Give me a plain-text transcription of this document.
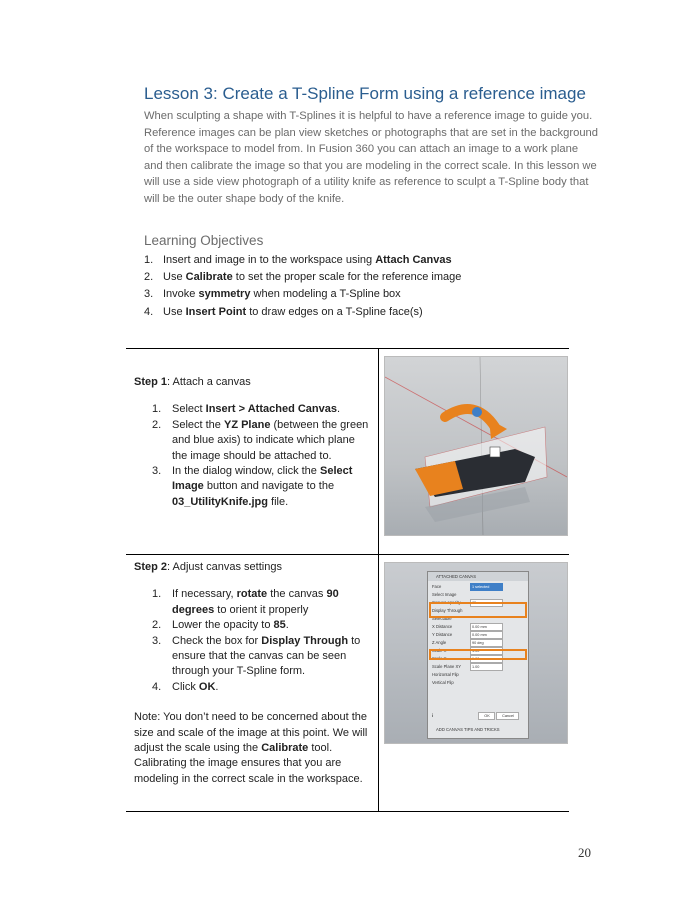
Lesson 3: Create a T-Spline Form using a reference image

When sculpting a shape with T-Splines it is helpful to have a reference image to guide you. Reference images can be plan view sketches or photographs that are set in the background of the workspace to model from. In Fusion 360 you can attach an image to a work plane and then calibrate the image so that you are modeling in the correct scale. In this lesson we will use a side view photograph of a utility knife as reference to sculpt a T-Spline body that will be the outer shape body of the knife.

Learning Objectives
1. Insert and image in to the workspace using Attach Canvas
2. Use Calibrate to set the proper scale for the reference image
3. Invoke symmetry when modeling a T-Spline box
4. Use Insert Point to draw edges on a T-Spline face(s)

Step 1: Attach a canvas

1. Select Insert > Attached Canvas.
2. Select the YZ Plane (between the green and blue axis) to indicate which plane the image should be attached to.
3. In the dialog window, click the Select Image button and navigate to the 03_UtilityKnife.jpg file.

Step 2: Adjust canvas settings

1. If necessary, rotate the canvas 90 degrees to orient it properly
2. Lower the opacity to 85.
3. Check the box for Display Through to ensure that the canvas can be seen through your T-Spline form.
4. Click OK.

Note: You don’t need to be concerned about the size and scale of the image at this point. We will adjust the scale using the Calibrate tool. Calibrating the image ensures that you are modeling in the correct scale in the workspace.

ATTACHED CANVAS
Face	1 selected
Select Image
Canvas opacity	85
Display Through
Selectable
X Distance	0.00 mm
Y Distance	0.00 mm
Z Angle	90 deg
Scale X	1.00
Scale Y	1.00
Scale Plane XY	1.00
Horizontal Flip
Vertical Flip
i	OK	Cancel
ADD CANVAS TIPS AND TRICKS
20
